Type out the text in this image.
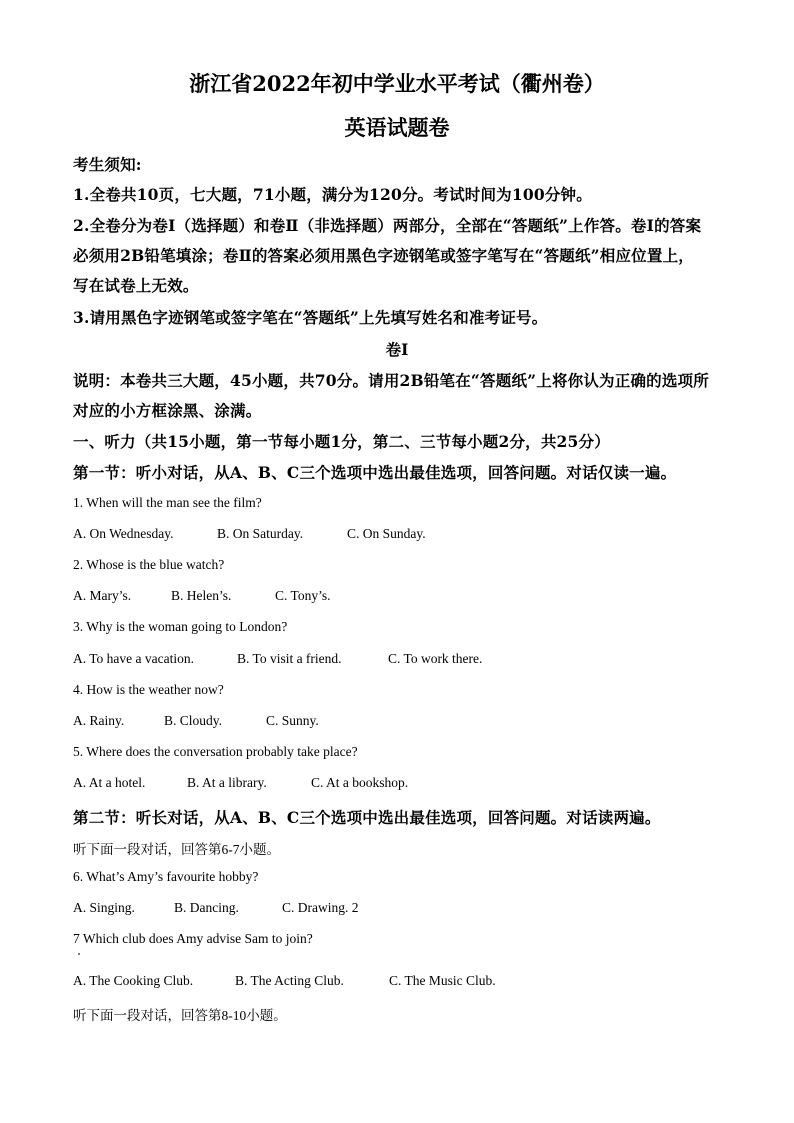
浙江省2022年初中学业水平考试（衢州卷）
英语试题卷
考生须知:
1.全卷共10页，七大题，71小题，满分为120分。考试时间为100分钟。
2.全卷分为卷Ⅰ（选择题）和卷Ⅱ（非选择题）两部分，全部在“答题纸”上作答。卷Ⅰ的答案
必须用2B铅笔填涂；卷Ⅱ的答案必须用黑色字迹钢笔或签字笔写在“答题纸”相应位置上，
写在试卷上无效。
3.请用黑色字迹钢笔或签字笔在“答题纸”上先填写姓名和准考证号。
卷Ⅰ
说明：本卷共三大题，45小题，共70分。请用2B铅笔在“答题纸”上将你认为正确的选项所
对应的小方框涂黑、涂满。
一、听力（共15小题，第一节每小题1分，第二、三节每小题2分，共25分）
第一节：听小对话，从A、B、C三个选项中选出最佳选项，回答问题。对话仅读一遍。
1. When will the man see the film?
A. On Wednesday.	B. On Saturday.	C. On Sunday.
2. Whose is the blue watch?
A. Mary’s.	B. Helen’s.	C. Tony’s.
3. Why is the woman going to London?
A. To have a vacation.	B. To visit a friend.	C. To work there.
4. How is the weather now?
A. Rainy.	B. Cloudy.	C. Sunny.
5. Where does the conversation probably take place?
A. At a hotel.	B. At a library.	C. At a bookshop.
第二节：听长对话，从A、B、C三个选项中选出最佳选项，回答问题。对话读两遍。
听下面一段对话，回答第6-7小题。
6. What’s Amy’s favourite hobby?
A. Singing.	B. Dancing.	C. Drawing. 2
7 Which club does Amy advise Sam to join?
A. The Cooking Club.	B. The Acting Club.	C. The Music Club.
听下面一段对话，回答第8-10小题。
